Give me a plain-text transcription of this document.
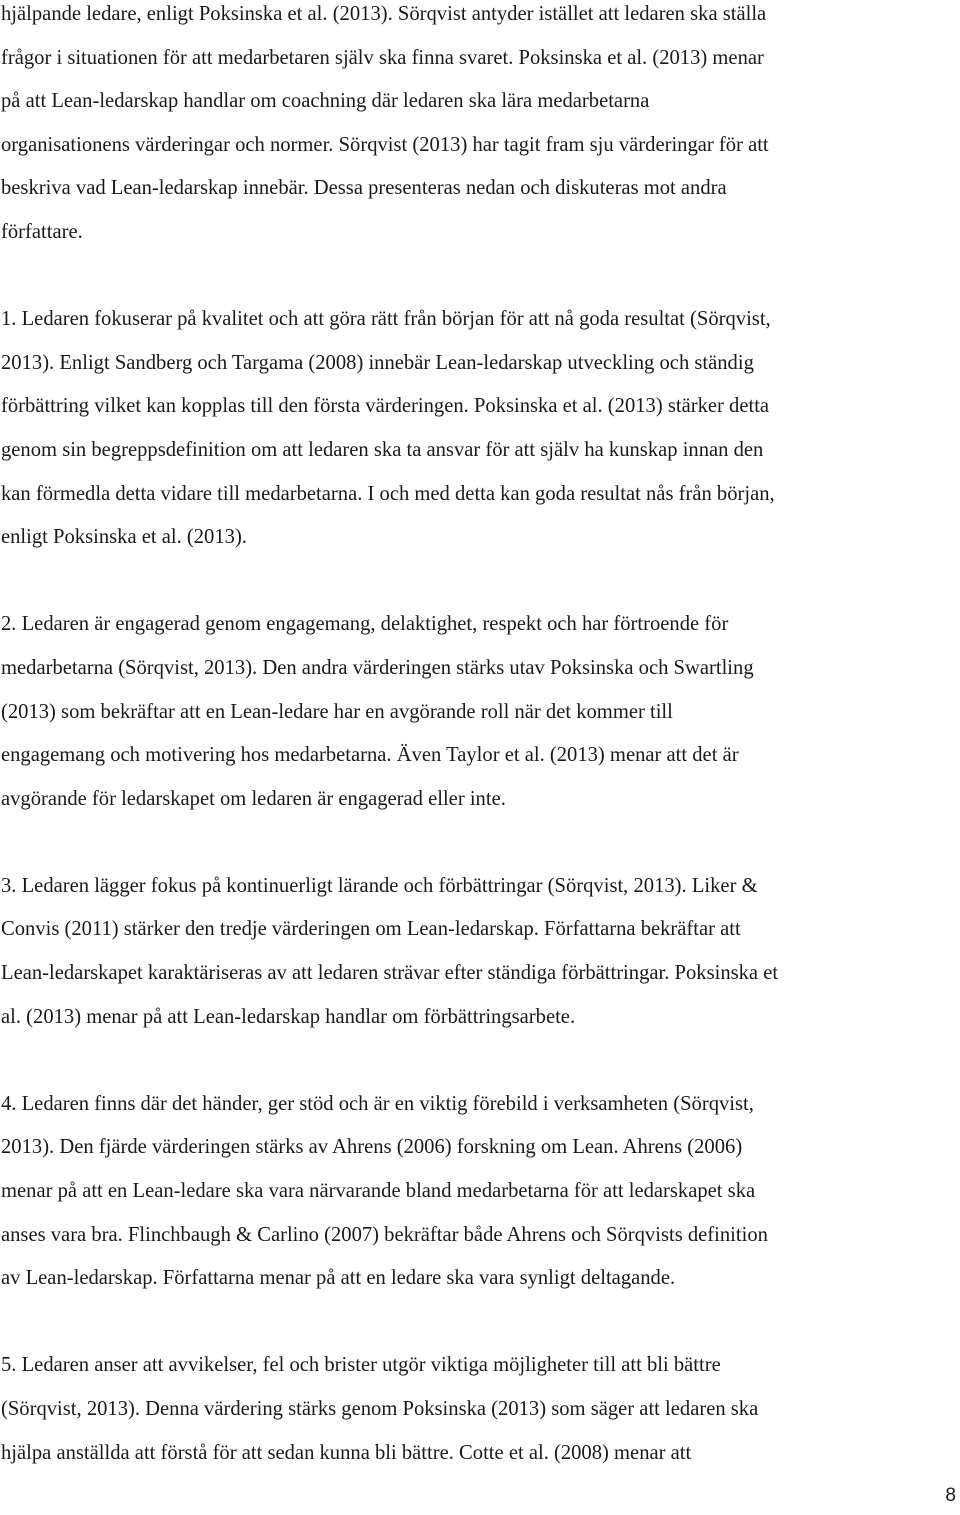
hjälpande ledare, enligt Poksinska et al. (2013). Sörqvist antyder istället att ledaren ska ställa
frågor i situationen för att medarbetaren själv ska finna svaret. Poksinska et al. (2013) menar
på att Lean-ledarskap handlar om coachning där ledaren ska lära medarbetarna
organisationens värderingar och normer. Sörqvist (2013) har tagit fram sju värderingar för att
beskriva vad Lean-ledarskap innebär. Dessa presenteras nedan och diskuteras mot andra
författare.
1. Ledaren fokuserar på kvalitet och att göra rätt från början för att nå goda resultat (Sörqvist,
2013). Enligt Sandberg och Targama (2008) innebär Lean-ledarskap utveckling och ständig
förbättring vilket kan kopplas till den första värderingen. Poksinska et al. (2013) stärker detta
genom sin begreppsdefinition om att ledaren ska ta ansvar för att själv ha kunskap innan den
kan förmedla detta vidare till medarbetarna. I och med detta kan goda resultat nås från början,
enligt Poksinska et al. (2013).
2. Ledaren är engagerad genom engagemang, delaktighet, respekt och har förtroende för
medarbetarna (Sörqvist, 2013). Den andra värderingen stärks utav Poksinska och Swartling
(2013) som bekräftar att en Lean-ledare har en avgörande roll när det kommer till
engagemang och motivering hos medarbetarna. Även Taylor et al. (2013) menar att det är
avgörande för ledarskapet om ledaren är engagerad eller inte.
3. Ledaren lägger fokus på kontinuerligt lärande och förbättringar (Sörqvist, 2013). Liker &
Convis (2011) stärker den tredje värderingen om Lean-ledarskap. Författarna bekräftar att
Lean-ledarskapet karaktäriseras av att ledaren strävar efter ständiga förbättringar. Poksinska et
al. (2013) menar på att Lean-ledarskap handlar om förbättringsarbete.
4. Ledaren finns där det händer, ger stöd och är en viktig förebild i verksamheten (Sörqvist,
2013). Den fjärde värderingen stärks av Ahrens (2006) forskning om Lean. Ahrens (2006)
menar på att en Lean-ledare ska vara närvarande bland medarbetarna för att ledarskapet ska
anses vara bra. Flinchbaugh & Carlino (2007) bekräftar både Ahrens och Sörqvists definition
av Lean-ledarskap. Författarna menar på att en ledare ska vara synligt deltagande.
5. Ledaren anser att avvikelser, fel och brister utgör viktiga möjligheter till att bli bättre
(Sörqvist, 2013). Denna värdering stärks genom Poksinska (2013) som säger att ledaren ska
hjälpa anställda att förstå för att sedan kunna bli bättre. Cotte et al. (2008) menar att
8
